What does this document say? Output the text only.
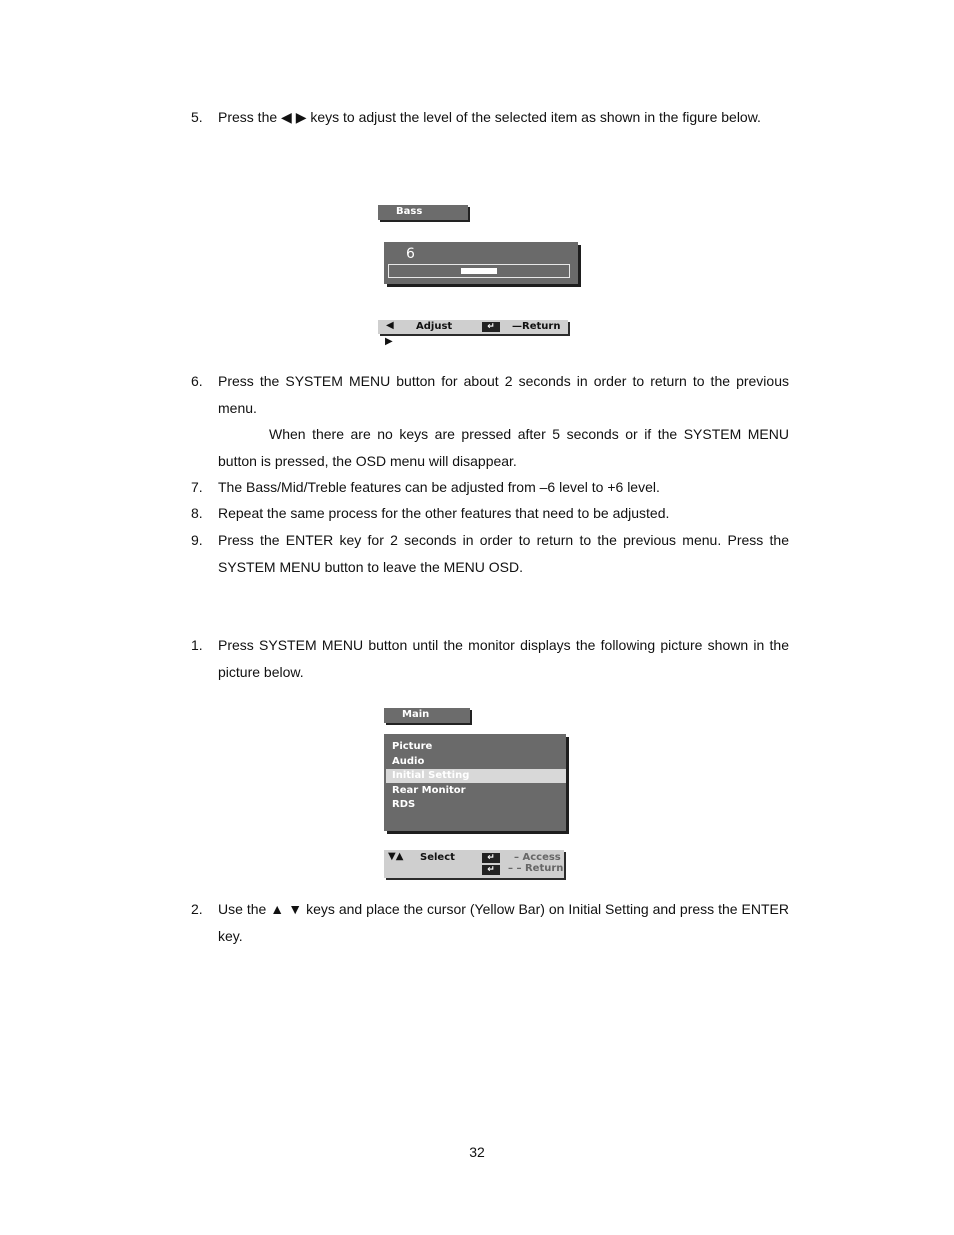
5. Press the ◀ ▶ keys to adjust the level of the selected item as shown in the figure below.
Bass
6
◀ Adjust	↵	—Return
▶
6. Press the SYSTEM MENU button for about 2 seconds in order to return to the previous menu.
When there are no keys are pressed after 5 seconds or if the SYSTEM MENU button is pressed, the OSD menu will disappear.
7. The Bass/Mid/Treble features can be adjusted from –6 level to +6 level.
8. Repeat the same process for the other features that need to be adjusted.
9. Press the ENTER key for 2 seconds in order to return to the previous menu. Press the SYSTEM MENU button to leave the MENU OSD.
1. Press SYSTEM MENU button until the monitor displays the following picture shown in the picture below.
Main
Picture
Audio
Initial Setting
Rear Monitor
RDS
▼▲ Select	↵	– Access
↵	– – Return
2. Use the ▲ ▼ keys and place the cursor (Yellow Bar) on Initial Setting and press the ENTER key.
32
